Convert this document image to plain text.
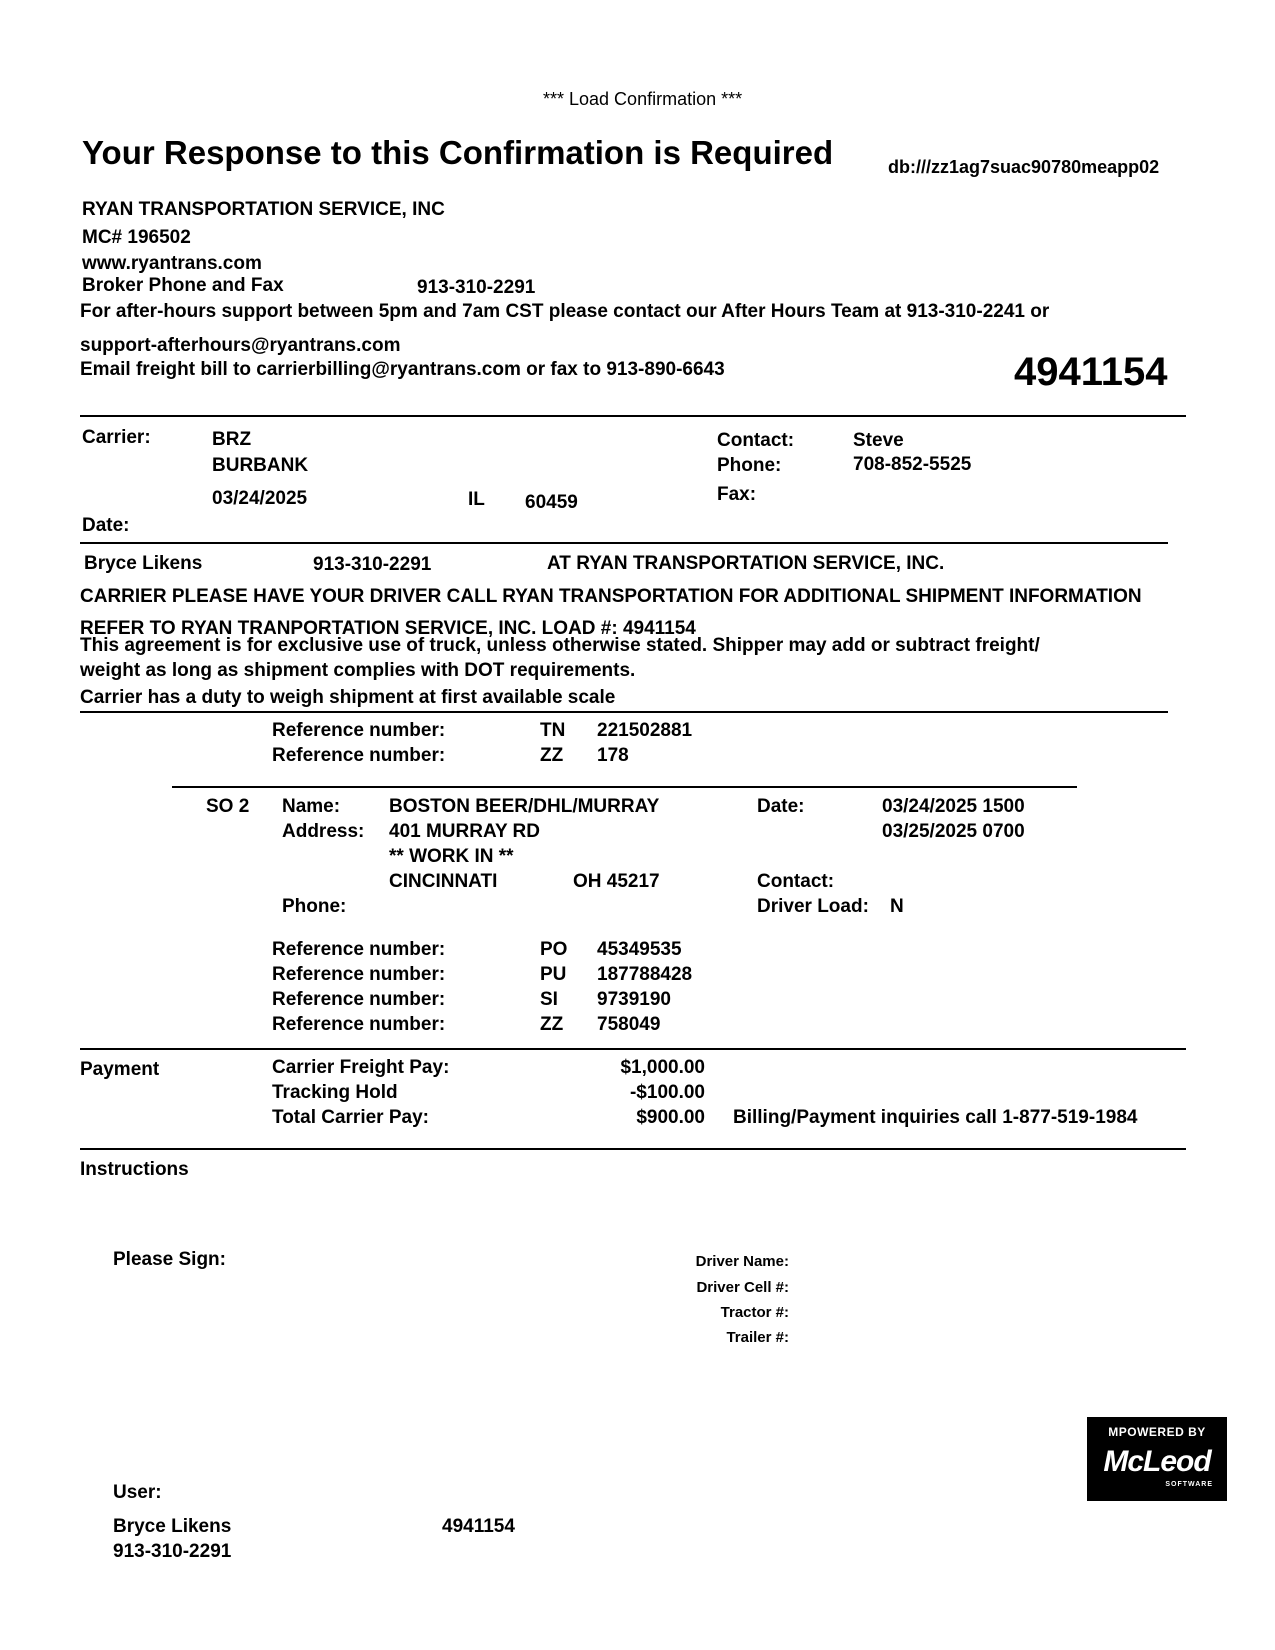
*** Load Confirmation ***
Your Response to this Confirmation is Required	db:///zz1ag7suac90780meapp02
RYAN TRANSPORTATION SERVICE, INC
MC# 196502
www.ryantrans.com
Broker Phone and Fax	913-310-2291
For after-hours support between 5pm and 7am CST please contact our After Hours Team at 913-310-2241 or
support-afterhours@ryantrans.com
Email freight bill to carrierbilling@ryantrans.com or fax to 913-890-6643	4941154
Carrier:	BRZ
BURBANK
03/24/2025	IL 60459
Date:
Contact:	Steve
Phone:	708-852-5525
Fax:
Bryce Likens	913-310-2291	AT RYAN TRANSPORTATION SERVICE, INC.
CARRIER PLEASE HAVE YOUR DRIVER CALL RYAN TRANSPORTATION FOR ADDITIONAL SHIPMENT INFORMATION
REFER TO RYAN TRANPORTATION SERVICE, INC. LOAD #: 4941154
This agreement is for exclusive use of truck, unless otherwise stated. Shipper may add or subtract freight/
weight as long as shipment complies with DOT requirements.
Carrier has a duty to weigh shipment at first available scale
Reference number:	TN 221502881
Reference number:	ZZ 178
SO 2 Name:	BOSTON BEER/DHL/MURRAY
Address: 401 MURRAY RD
** WORK IN **
CINCINNATI	OH 45217
Phone:
Date:	03/24/2025 1500
03/25/2025 0700
Contact:
Driver Load: N
Reference number:	PO 45349535
Reference number:	PU 187788428
Reference number:	SI 9739190
Reference number:	ZZ 758049
Payment	Carrier Freight Pay:	$1,000.00
Tracking Hold	-$100.00
Total Carrier Pay:	$900.00 Billing/Payment inquiries call 1-877-519-1984
Instructions
Please Sign:	Driver Name:
Driver Cell #:
Tractor #:
Trailer #:
MPOWERED BY
McLeod
SOFTWARE
User:
Bryce Likens	4941154
913-310-2291
